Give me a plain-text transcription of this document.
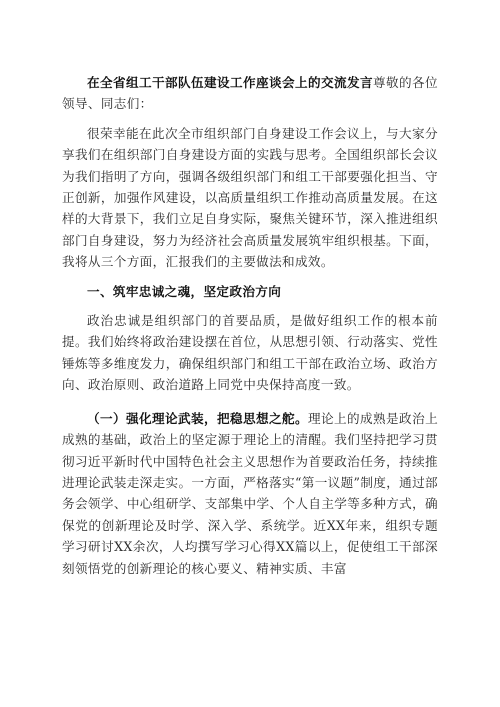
在全省组工干部队伍建设工作座谈会上的交流发言尊敬的各位领导、同志们：

很荣幸能在此次全市组织部门自身建设工作会议上，与大家分享我们在组织部门自身建设方面的实践与思考。全国组织部长会议为我们指明了方向，强调各级组织部门和组工干部要强化担当、守正创新，加强作风建设，以高质量组织工作推动高质量发展。在这样的大背景下，我们立足自身实际，聚焦关键环节，深入推进组织部门自身建设，努力为经济社会高质量发展筑牢组织根基。下面，我将从三个方面，汇报我们的主要做法和成效。

一、筑牢忠诚之魂，坚定政治方向

政治忠诚是组织部门的首要品质，是做好组织工作的根本前提。我们始终将政治建设摆在首位，从思想引领、行动落实、党性锤炼等多维度发力，确保组织部门和组工干部在政治立场、政治方向、政治原则、政治道路上同党中央保持高度一致。

（一）强化理论武装，把稳思想之舵。理论上的成熟是政治上成熟的基础，政治上的坚定源于理论上的清醒。我们坚持把学习贯彻习近平新时代中国特色社会主义思想作为首要政治任务，持续推进理论武装走深走实。一方面，严格落实“第一议题”制度，通过部务会领学、中心组研学、支部集中学、个人自主学等多种方式，确保党的创新理论及时学、深入学、系统学。近XX年来，组织专题学习研讨XX余次，人均撰写学习心得XX篇以上，促使组工干部深刻领悟党的创新理论的核心要义、精神实质、丰富
